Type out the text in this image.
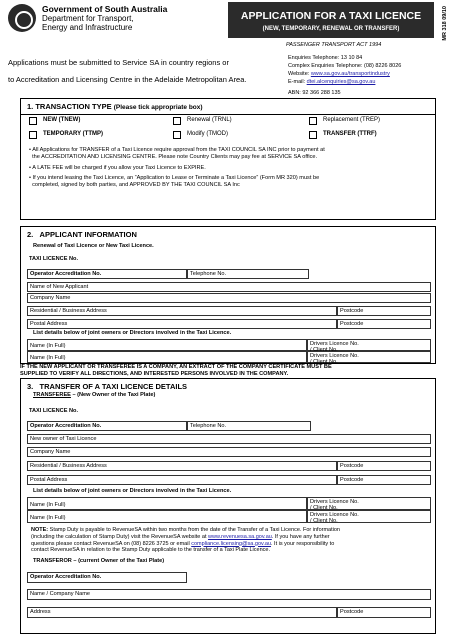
Government of South Australia
Department for Transport,
Energy and Infrastructure
APPLICATION FOR A TAXI LICENCE
(NEW, TEMPORARY, RENEWAL OR TRANSFER)	MR 318 09/10
PASSENGER TRANSPORT ACT 1994
Applications must be submitted to Service SA in country regions or
to Accreditation and Licensing Centre in the Adelaide Metropolitan Area.
Enquiries Telephone: 13 10 84
Complex Enquiries Telephone: (08) 8226 8026
Website: www.sa.gov.au/transportindustry
E-mail: dtei.alcenquiries@sa.gov.au
ABN: 92 366 288 135
1. TRANSACTION TYPE (Please tick appropriate box)
NEW (TNEW)	Renewal (TRNL)	Replacement (TREP)
TEMPORARY (TTMP)	Modify (TMOD)	TRANSFER (TTRF)
• All Applications for TRANSFER of a Taxi Licence require approval from the TAXI COUNCIL SA INC prior to payment at
the ACCREDITATION AND LICENSING CENTRE. Please note Country Clients may pay fee at SERVICE SA office.
• A LATE FEE will be charged if you allow your Taxi Licence to EXPIRE.
• If you intend leasing the Taxi Licence, an “Application to Lease or Terminate a Taxi Licence” (Form MR 320) must be
completed, signed by both parties, and APPROVED BY THE TAXI COUNCIL SA Inc
2. APPLICANT INFORMATION
Renewal of Taxi Licence or New Taxi Licence.
TAXI LICENCE No.
Operator Accreditation No.	Telephone No.
Name of New Applicant
Company Name
Residential / Business Address	Postcode
Postal Address	Postcode
List details below of joint owners or Directors involved in the Taxi Licence.
Name (In Full)	Drivers Licence No.
/ Client No.
Name (In Full)	Drivers Licence No.
/ Client No.
IF THE NEW APPLICANT OR TRANSFEREE IS A COMPANY, AN EXTRACT OF THE COMPANY CERTIFICATE MUST BE
SUPPLIED TO VERIFY ALL DIRECTIONS, AND INTERESTED PERSONS INVOLVED IN THE COMPANY.
3. TRANSFER OF A TAXI LICENCE DETAILS
TRANSFEREE – (New Owner of the Taxi Plate)
TAXI LICENCE No.
Operator Accreditation No.	Telephone No.
New owner of Taxi Licence
Company Name
Residential / Business Address	Postcode
Postal Address	Postcode
List details below of joint owners or Directors involved in the Taxi Licence.
Name (In Full)	Drivers Licence No.
/ Client No.
Name (In Full)	Drivers Licence No.
/ Client No.
NOTE: Stamp Duty is payable to RevenueSA within two months from the date of the Transfer of a Taxi Licence. For information
(including the calculation of Stamp Duty) visit the RevenueSA website at www.revenuesa.sa.gov.au. If you have any further
questions please contact RevenueSA on (08) 8226 3725 or email compliance.licensing@sa.gov.au. It is your responsibility to
contact RevenueSA in relation to the Stamp Duty applicable to the transfer of a Taxi Plate Licence.
TRANSFEROR – (current Owner of the Taxi Plate)
Operator Accreditation No.
Name / Company Name
Address	Postcode
